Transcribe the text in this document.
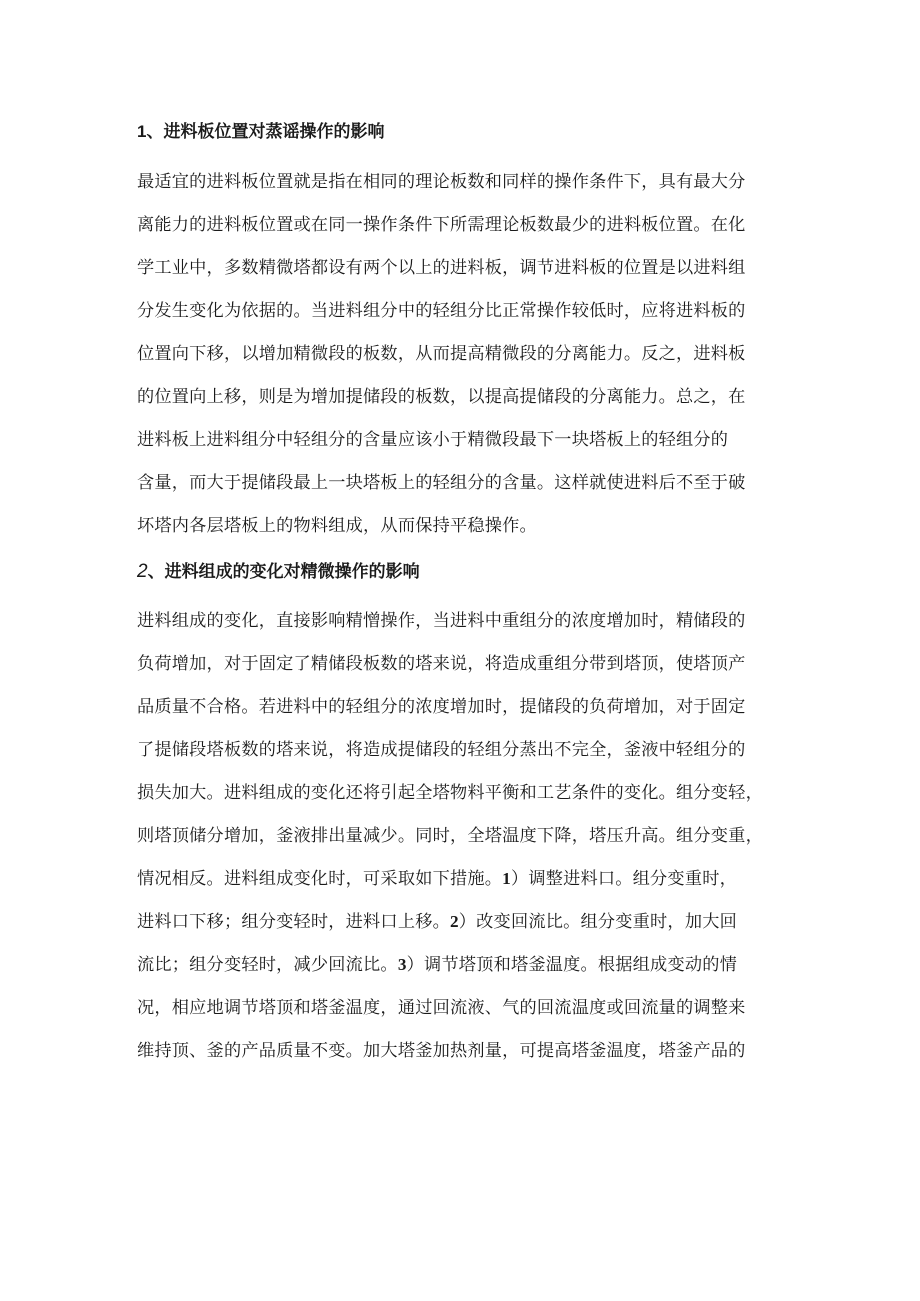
1、进料板位置对蒸谣操作的影响
最适宜的进料板位置就是指在相同的理论板数和同样的操作条件下，具有最大分
离能力的进料板位置或在同一操作条件下所需理论板数最少的进料板位置。在化
学工业中，多数精微塔都设有两个以上的进料板，调节进料板的位置是以进料组
分发生变化为依据的。当进料组分中的轻组分比正常操作较低时，应将进料板的
位置向下移，以增加精微段的板数，从而提高精微段的分离能力。反之，进料板
的位置向上移，则是为增加提储段的板数，以提高提储段的分离能力。总之，在
进料板上进料组分中轻组分的含量应该小于精微段最下一块塔板上的轻组分的
含量，而大于提储段最上一块塔板上的轻组分的含量。这样就使进料后不至于破
坏塔内各层塔板上的物料组成，从而保持平稳操作。
2、进料组成的变化对精微操作的影响
进料组成的变化，直接影响精憎操作，当进料中重组分的浓度增加时，精储段的
负荷增加，对于固定了精储段板数的塔来说，将造成重组分带到塔顶，使塔顶产
品质量不合格。若进料中的轻组分的浓度增加时，提储段的负荷增加，对于固定
了提储段塔板数的塔来说，将造成提储段的轻组分蒸出不完全，釜液中轻组分的
损失加大。进料组成的变化还将引起全塔物料平衡和工艺条件的变化。组分变轻，
则塔顶储分增加，釜液排出量减少。同时，全塔温度下降，塔压升高。组分变重，
情况相反。进料组成变化时，可采取如下措施。1）调整进料口。组分变重时，
进料口下移；组分变轻时，进料口上移。2）改变回流比。组分变重时，加大回
流比；组分变轻时，减少回流比。3）调节塔顶和塔釜温度。根据组成变动的情
况，相应地调节塔顶和塔釜温度，通过回流液、气的回流温度或回流量的调整来
维持顶、釜的产品质量不变。加大塔釜加热剂量，可提高塔釜温度，塔釜产品的
